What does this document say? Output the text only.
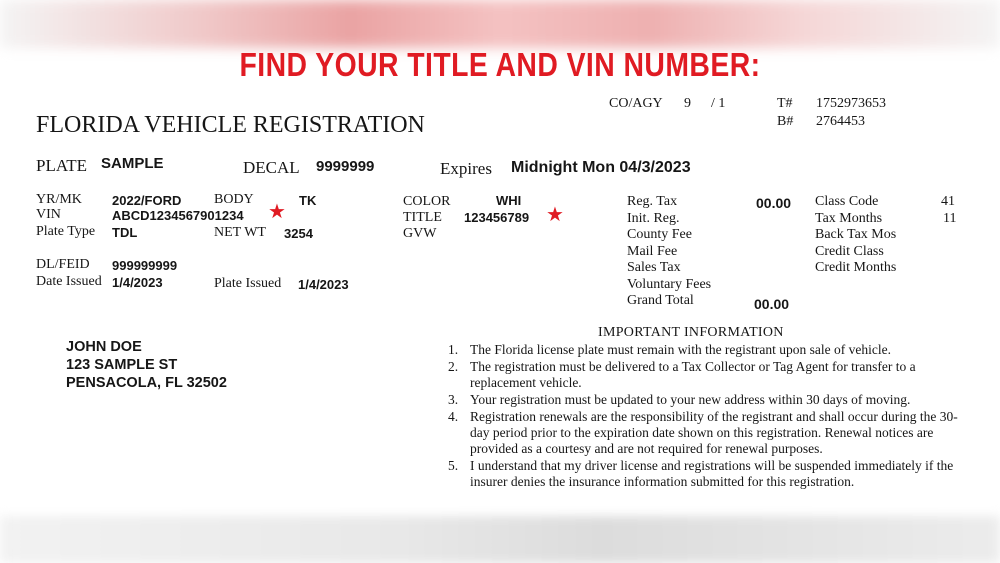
FIND YOUR TITLE AND VIN NUMBER:
CO/AGY 9 / 1	T# 1752973653
B# 2764453
FLORIDA VEHICLE REGISTRATION
PLATE SAMPLE	DECAL 9999999	Expires Midnight Mon 04/3/2023
YR/MK 2022/FORD BODY	TK
VIN	ABCD1234567901234 ★
Plate Type TDL	NET WT 3254
COLOR	WHI
TITLE 123456789 ★
GVW
DL/FEID 999999999
Date Issued 1/4/2023	Plate Issued 1/4/2023
Reg. Tax	00.00
Init. Reg.
County Fee
Mail Fee
Sales Tax
Voluntary Fees
Grand Total	00.00
Class Code	41
Tax Months	11
Back Tax Mos
Credit Class
Credit Months
JOHN DOE
123 SAMPLE ST
PENSACOLA, FL 32502
IMPORTANT INFORMATION
1. The Florida license plate must remain with the registrant upon sale of vehicle.
2. The registration must be delivered to a Tax Collector or Tag Agent for transfer to a replacement vehicle.
3. Your registration must be updated to your new address within 30 days of moving.
4. Registration renewals are the responsibility of the registrant and shall occur during the 30-day period prior to the expiration date shown on this registration. Renewal notices are provided as a courtesy and are not required for renewal purposes.
5. I understand that my driver license and registrations will be suspended immediately if the insurer denies the insurance information submitted for this registration.
